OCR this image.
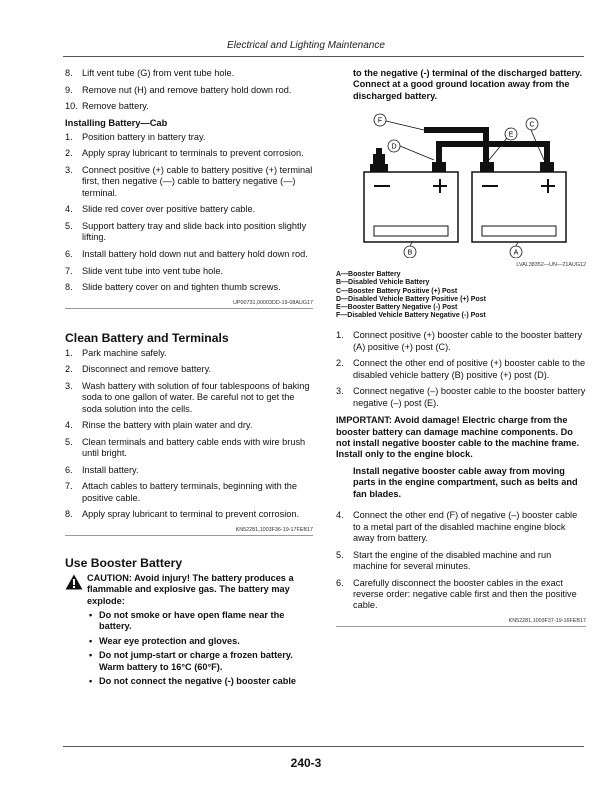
Electrical and Lighting Maintenance
8. Lift vent tube (G) from vent tube hole.
9. Remove nut (H) and remove battery hold down rod.
10. Remove battery.
Installing Battery—Cab
1. Position battery in battery tray.
2. Apply spray lubricant to terminals to prevent corrosion.
3. Connect positive (+) cable to battery positive (+) terminal first, then negative (—) cable to battery negative (—) terminal.
4. Slide red cover over positive battery cable.
5. Support battery tray and slide back into position slightly lifting.
6. Install battery hold down nut and battery hold down rod.
7. Slide vent tube into vent tube hole.
8. Slide battery cover on and tighten thumb screws.
UP00731,00003DD-19-08AUG17
Clean Battery and Terminals
1. Park machine safely.
2. Disconnect and remove battery.
3. Wash battery with solution of four tablespoons of baking soda to one gallon of water. Be careful not to get the soda solution into the cells.
4. Rinse the battery with plain water and dry.
5. Clean terminals and battery cable ends with wire brush until bright.
6. Install battery.
7. Attach cables to battery terminals, beginning with the positive cable.
8. Apply spray lubricant to terminal to prevent corrosion.
KN52281,1003F36-19-17FEB17
Use Booster Battery
CAUTION: Avoid injury! The battery produces a flammable and explosive gas. The battery may explode:
• Do not smoke or have open flame near the battery.
• Wear eye protection and gloves.
• Do not jump-start or charge a frozen battery. Warm battery to 16°C (60°F).
• Do not connect the negative (-) booster cable
to the negative (-) terminal of the discharged battery. Connect at a good ground location away from the discharged battery.
F
D
E
C
B	A
LVAL38352—UN—21AUG12
A—Booster Battery
B—Disabled Vehicle Battery
C—Booster Battery Positive (+) Post
D—Disabled Vehicle Battery Positive (+) Post
E—Booster Battery Negative (-) Post
F—Disabled Vehicle Battery Negative (-) Post
1. Connect positive (+) booster cable to the booster battery (A) positive (+) post (C).
2. Connect the other end of positive (+) booster cable to the disabled vehicle battery (B) positive (+) post (D).
3. Connect negative (–) booster cable to the booster battery negative (–) post (E).
IMPORTANT: Avoid damage! Electric charge from the booster battery can damage machine components. Do not install negative booster cable to the machine frame. Install only to the engine block.
Install negative booster cable away from moving parts in the engine compartment, such as belts and fan blades.
4. Connect the other end (F) of negative (–) booster cable to a metal part of the disabled machine engine block away from battery.
5. Start the engine of the disabled machine and run machine for several minutes.
6. Carefully disconnect the booster cables in the exact reverse order: negative cable first and then the positive cable.
KN52281,1003F37-19-16FEB17
240-3
